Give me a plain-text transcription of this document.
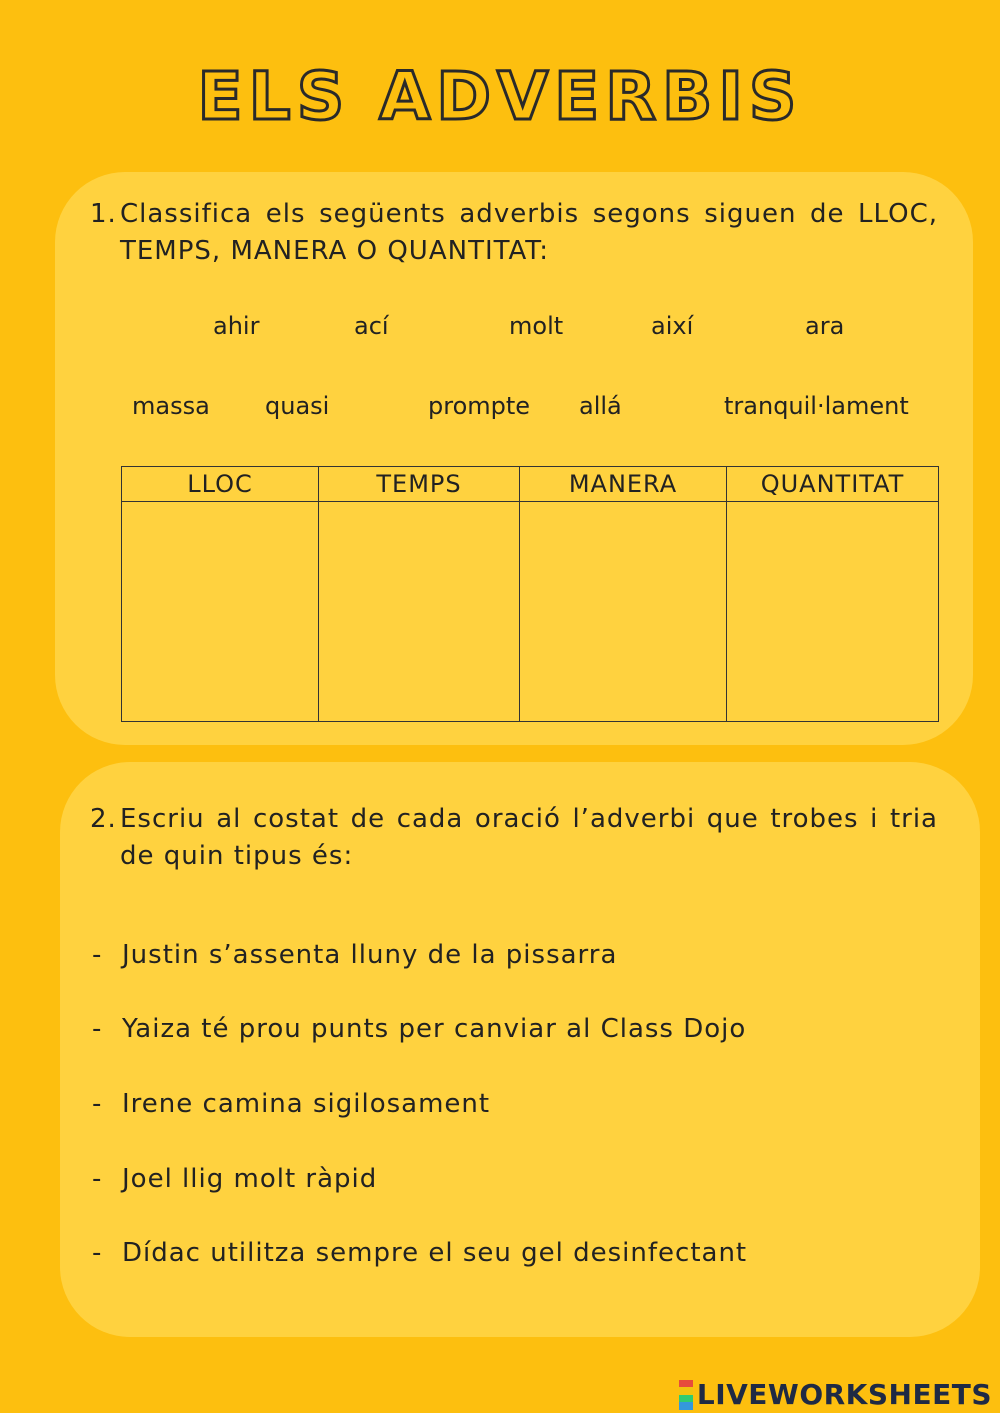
ELS ADVERBIS
1. Classifica els següents adverbis segons siguen de LLOC, TEMPS, MANERA O QUANTITAT:
ahir	ací	molt	així	ara
massa quasi	prompte allá	tranquil·lament
LLOC	TEMPS	MANERA	QUANTITAT

2. Escriu al costat de cada oració l’adverbi que trobes i tria de quin tipus és:
- Justin s’assenta lluny de la pissarra
- Yaiza té prou punts per canviar al Class Dojo
- Irene camina sigilosament
- Joel llig molt ràpid
- Dídac utilitza sempre el seu gel desinfectant
LIVEWORKSHEETS
